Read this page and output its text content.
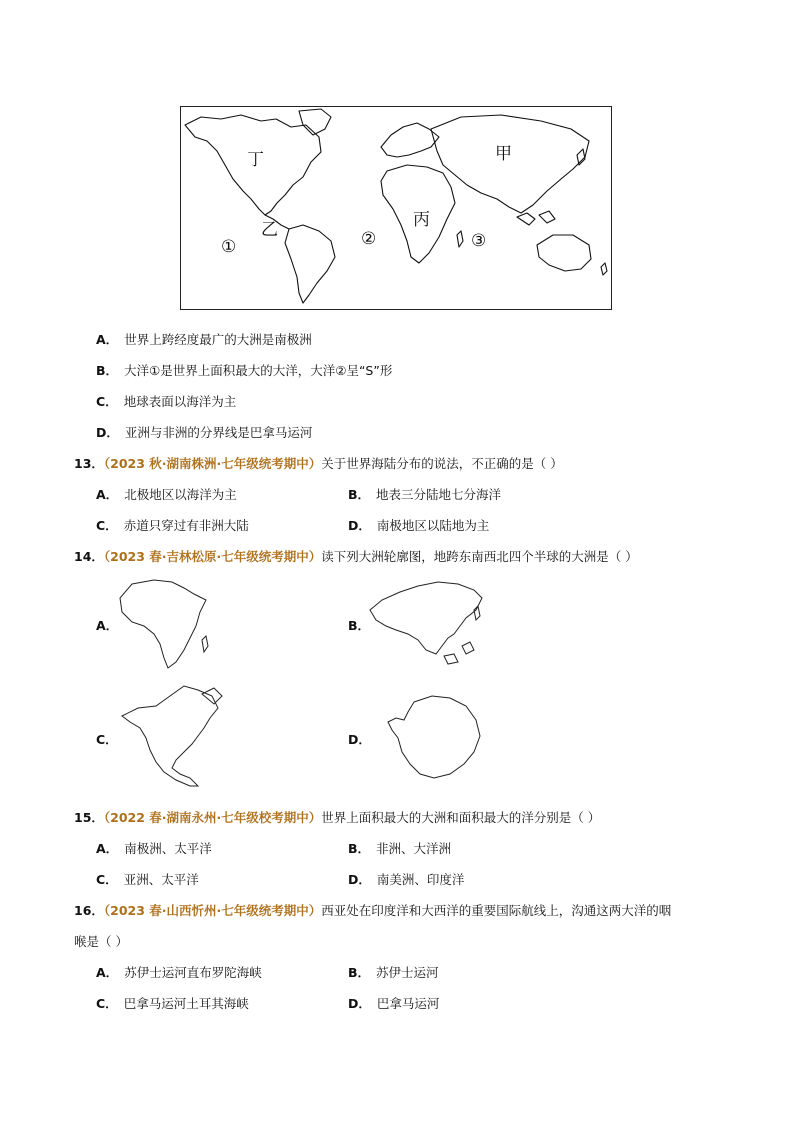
丁	甲
乙	丙
①	②	③
A． 世界上跨经度最广的大洲是南极洲
B． 大洋①是世界上面积最大的大洋，大洋②呈“S”形
C． 地球表面以海洋为主
D． 亚洲与非洲的分界线是巴拿马运河
13．（2023 秋·湖南株洲·七年级统考期中）关于世界海陆分布的说法，不正确的是（ ）
A． 北极地区以海洋为主	B． 地表三分陆地七分海洋
C． 赤道只穿过有非洲大陆	D． 南极地区以陆地为主
14．（2023 春·吉林松原·七年级统考期中）读下列大洲轮廓图，地跨东南西北四个半球的大洲是（ ）
A．	B．
C．	D．
15．（2022 春·湖南永州·七年级校考期中）世界上面积最大的大洲和面积最大的洋分别是（ ）
A． 南极洲、太平洋	B． 非洲、大洋洲
C． 亚洲、太平洋	D． 南美洲、印度洋
16．（2023 春·山西忻州·七年级统考期中）西亚处在印度洋和大西洋的重要国际航线上，沟通这两大洋的咽
喉是（ ）
A． 苏伊士运河直布罗陀海峡	B． 苏伊士运河
C． 巴拿马运河土耳其海峡	D． 巴拿马运河
